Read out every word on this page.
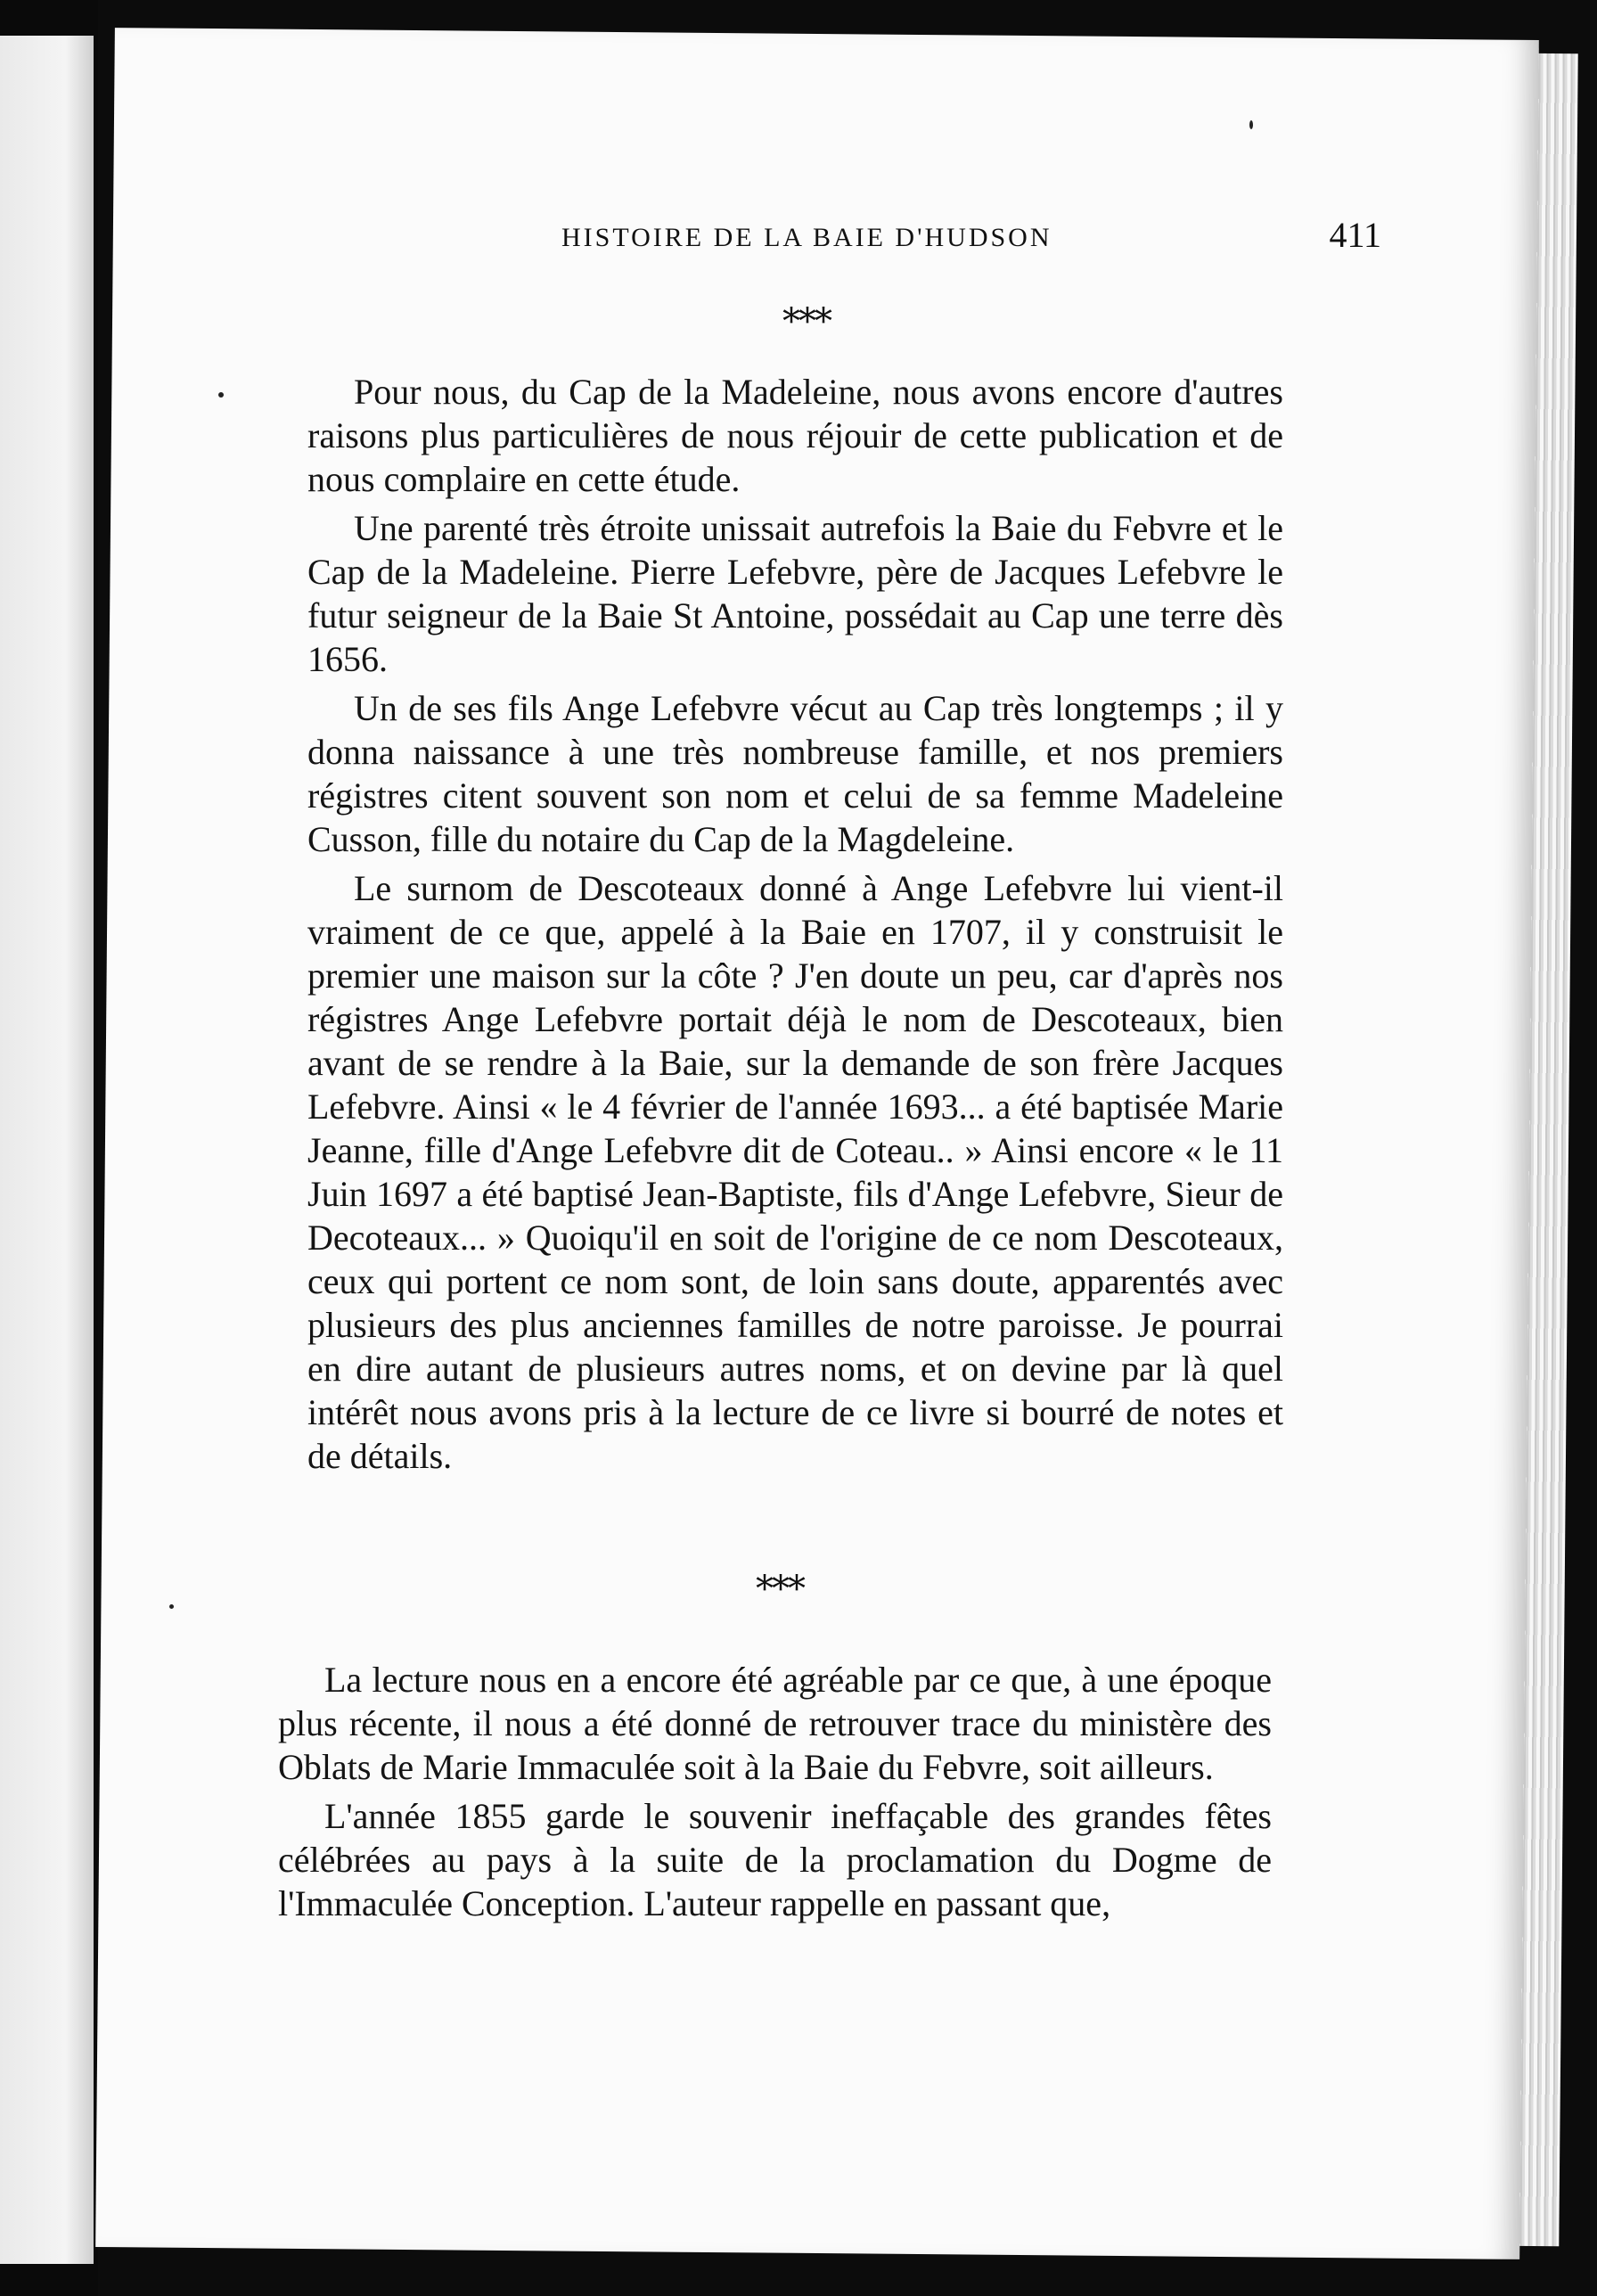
HISTOIRE DE LA BAIE D'HUDSON	411
***

Pour nous, du Cap de la Madeleine, nous avons encore d'autres raisons plus particulières de nous réjouir de cette publication et de nous complaire en cette étude.

Une parenté très étroite unissait autrefois la Baie du Febvre et le Cap de la Madeleine. Pierre Lefebvre, père de Jacques Lefebvre le futur seigneur de la Baie St Antoine, possédait au Cap une terre dès 1656.

Un de ses fils Ange Lefebvre vécut au Cap très longtemps ; il y donna naissance à une très nombreuse famille, et nos premiers régistres citent souvent son nom et celui de sa femme Madeleine Cusson, fille du notaire du Cap de la Magdeleine.

Le surnom de Descoteaux donné à Ange Lefebvre lui vient-il vraiment de ce que, appelé à la Baie en 1707, il y construisit le premier une maison sur la côte ? J'en doute un peu, car d'après nos régistres Ange Lefebvre portait déjà le nom de Descoteaux, bien avant de se rendre à la Baie, sur la demande de son frère Jacques Lefebvre. Ainsi « le 4 février de l'année 1693... a été baptisée Marie Jeanne, fille d'Ange Lefebvre dit de Coteau.. » Ainsi encore « le 11 Juin 1697 a été baptisé Jean-Baptiste, fils d'Ange Lefebvre, Sieur de Decoteaux... » Quoiqu'il en soit de l'origine de ce nom Descoteaux, ceux qui portent ce nom sont, de loin sans doute, apparentés avec plusieurs des plus anciennes familles de notre paroisse. Je pourrai en dire autant de plusieurs autres noms, et on devine par là quel intérêt nous avons pris à la lecture de ce livre si bourré de notes et de détails.

***

La lecture nous en a encore été agréable par ce que, à une époque plus récente, il nous a été donné de retrouver trace du ministère des Oblats de Marie Immaculée soit à la Baie du Febvre, soit ailleurs.

L'année 1855 garde le souvenir ineffaçable des grandes fêtes célébrées au pays à la suite de la proclamation du Dogme de l'Immaculée Conception. L'auteur rappelle en passant que,
